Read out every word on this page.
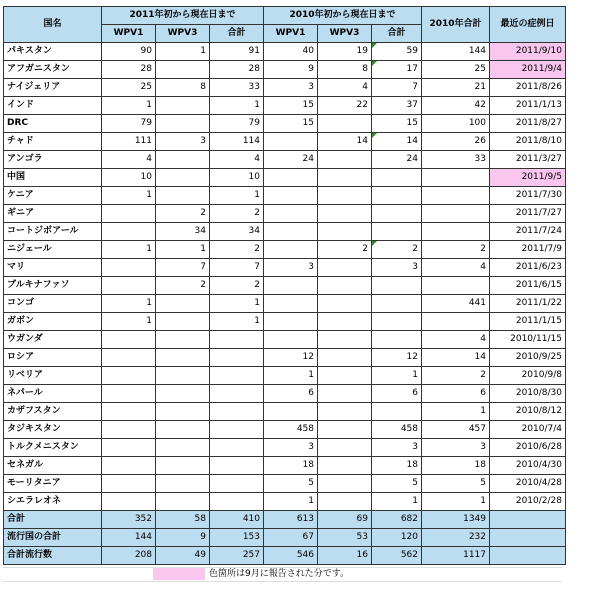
国名	2011年初から現在日まで			2010年初から現在日まで			2010年合計	最近の症例日
	WPV1	WPV3	合計	WPV1	WPV3	合計		
パキスタン	90	1	91	40	19	59	144	2011/9/10
アフガニスタン	28		28	9	8	17	25	2011/9/4
ナイジェリア	25	8	33	3	4	7	21	2011/8/26
インド	1		1	15	22	37	42	2011/1/13
DRC	79		79	15		15	100	2011/8/27
チャド	111	3	114		14	14	26	2011/8/10
アンゴラ	4		4	24		24	33	2011/3/27
中国	10		10					2011/9/5
ケニア	1		1					2011/7/30
ギニア		2	2					2011/7/27
コートジボアール		34	34					2011/7/24
ニジェール	1	1	2		2	2	2	2011/7/9
マリ		7	7	3		3	4	2011/6/23
ブルキナファソ		2	2					2011/6/15
コンゴ	1		1				441	2011/1/22
ガボン	1		1					2011/1/15
ウガンダ							4	2010/11/15
ロシア				12		12	14	2010/9/25
リベリア				1		1	2	2010/9/8
ネパール				6		6	6	2010/8/30
カザフスタン							1	2010/8/12
タジキスタン				458		458	457	2010/7/4
トルクメニスタン				3		3	3	2010/6/28
セネガル				18		18	18	2010/4/30
モーリタニア				5		5	5	2010/4/28
シエラレオネ				1		1	1	2010/2/28
合計	352	58	410	613	69	682	1349	
流行国の合計	144	9	153	67	53	120	232	
合計流行数	208	49	257	546	16	562	1117	
色箇所は9月に報告された分です。
